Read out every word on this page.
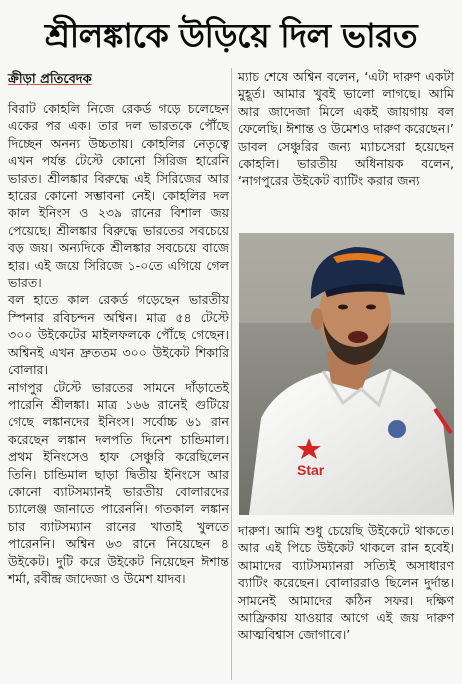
শ্রীলঙ্কাকে উড়িয়ে দিল ভারত
ক্রীড়া প্রতিবেদক

বিরাট কোহলি নিজে রেকর্ড গড়ে চলেছেন একের পর এক। তার দল ভারতকে পৌঁছে দিচ্ছেন অনন্য উচ্চতায়। কোহলির নেতৃত্বে এখন পর্যন্ত টেস্টে কোনো সিরিজ হারেনি ভারত। শ্রীলঙ্কার বিরুদ্ধে এই সিরিজের আর হারের কোনো সম্ভাবনা নেই। কোহলির দল কাল ইনিংস ও ২৩৯ রানের বিশাল জয় পেয়েছে। শ্রীলঙ্কার বিরুদ্ধে ভারতের সবচেয়ে বড় জয়। অন্যদিকে শ্রীলঙ্কার সবচেয়ে বাজে হার। এই জয়ে সিরিজে ১-০তে এগিয়ে গেল ভারত।

বল হাতে কাল রেকর্ড গড়েছেন ভারতীয় স্পিনার রবিচন্দন অশ্বিন। মাত্র ৫৪ টেস্টে ৩০০ উইকেটের মাইলফলকে পৌঁছে গেছেন। অশ্বিনই এখন দ্রুততম ৩০০ উইকেট শিকারি বোলার।

নাগপুর টেস্টে ভারতের সামনে দাঁড়াতেই পারেনি শ্রীলঙ্কা। মাত্র ১৬৬ রানেই গুটিয়ে গেছে লঙ্কানদের ইনিংস। সর্বোচ্চ ৬১ রান করেছেন লঙ্কান দলপতি দিনেশ চান্ডিমাল। প্রথম ইনিংসেও হাফ সেঞ্চুরি করেছিলেন তিনি। চান্ডিমাল ছাড়া দ্বিতীয় ইনিংসে আর কোনো ব্যাটসম্যানই ভারতীয় বোলারদের চ্যালেঞ্জ জানাতে পারেননি। গতকাল লঙ্কান চার ব্যাটসম্যান রানের খাতাই খুলতে পারেননি। অশ্বিন ৬৩ রানে নিয়েছেন ৪ উইকেট। দুটি করে উইকেট নিয়েছেন ঈশান্ত শর্মা, রবীন্দ্র জাদেজা ও উমেশ যাদব।

ম্যাচ শেষে অশ্বিন বলেন, ‘এটা দারুণ একটা মুহূর্ত। আমার খুবই ভালো লাগছে। আমি আর জাদেজা মিলে একই জায়গায় বল ফেলেছি। ঈশান্ত ও উমেশও দারুণ করেছেন।’

ডাবল সেঞ্চুরির জন্য ম্যাচসেরা হয়েছেন কোহলি। ভারতীয় অধিনায়ক বলেন, ‘নাগপুরের উইকেট ব্যাটিং করার জন্য

Star

দারুণ। আমি শুধু চেয়েছি উইকেটে থাকতে। আর এই পিচে উইকেট থাকলে রান হবেই। আমাদের ব্যাটসম্যানরা সত্যিই অসাধারণ ব্যাটিং করেছেন। বোলাররাও ছিলেন দুর্দান্ত। সামনেই আমাদের কঠিন সফর। দক্ষিণ আফ্রিকায় যাওয়ার আগে এই জয় দারুণ আত্মবিশ্বাস জোগাবে।’
